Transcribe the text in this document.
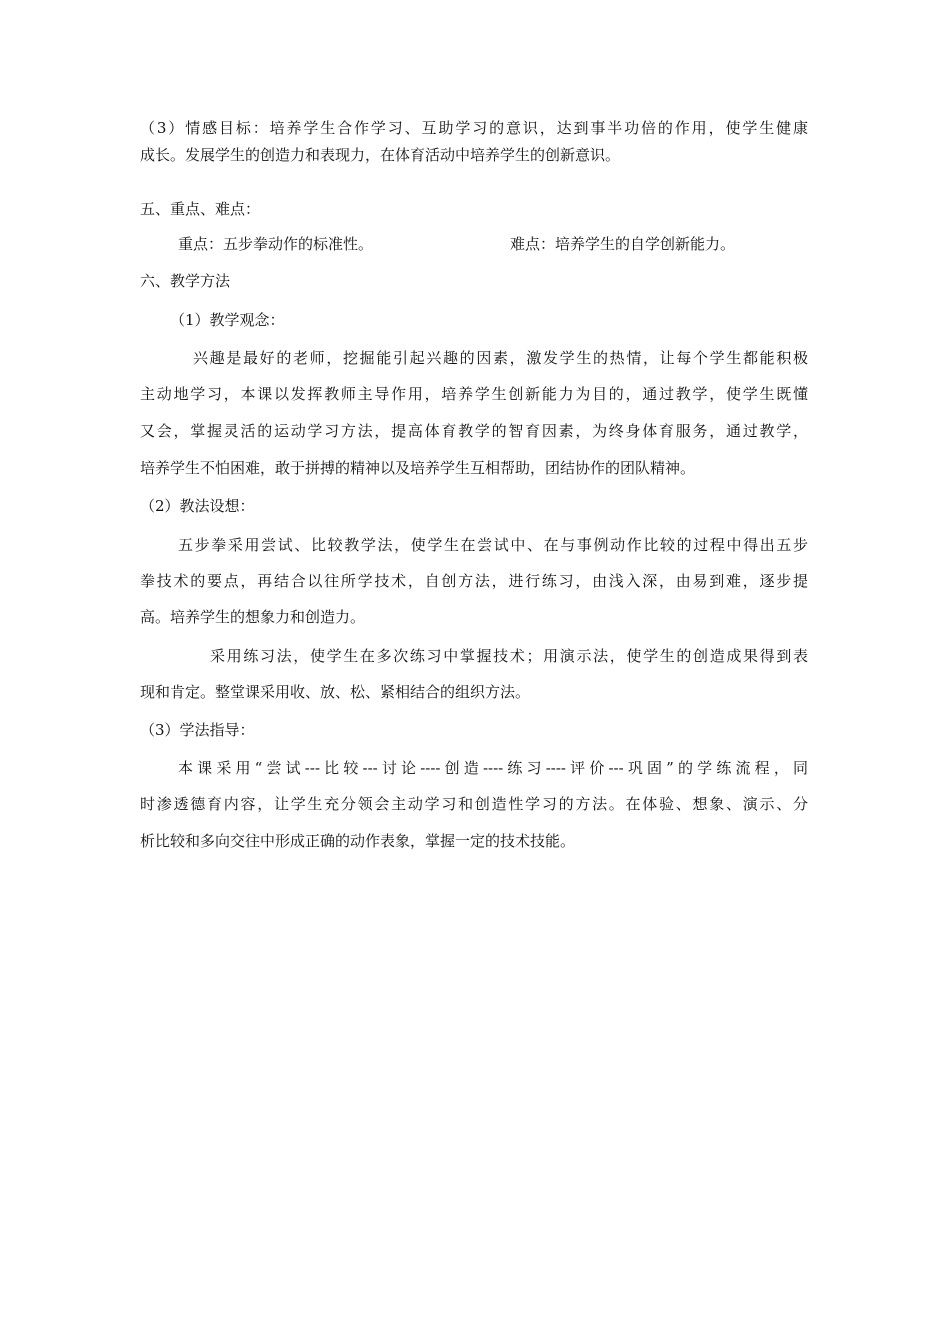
（3）情感目标：培养学生合作学习、互助学习的意识，达到事半功倍的作用，使学生健康
成长。发展学生的创造力和表现力，在体育活动中培养学生的创新意识。
五、重点、难点：
重点：五步拳动作的标准性。	难点：培养学生的自学创新能力。
六、教学方法
（1）教学观念：
兴趣是最好的老师，挖掘能引起兴趣的因素，激发学生的热情，让每个学生都能积极
主动地学习，本课以发挥教师主导作用，培养学生创新能力为目的，通过教学，使学生既懂
又会，掌握灵活的运动学习方法，提高体育教学的智育因素，为终身体育服务，通过教学，
培养学生不怕困难，敢于拼搏的精神以及培养学生互相帮助，团结协作的团队精神。
（2）教法设想：
五步拳采用尝试、比较教学法，使学生在尝试中、在与事例动作比较的过程中得出五步
拳技术的要点，再结合以往所学技术，自创方法，进行练习，由浅入深，由易到难，逐步提
高。培养学生的想象力和创造力。
采用练习法，使学生在多次练习中掌握技术；用演示法，使学生的创造成果得到表
现和肯定。整堂课采用收、放、松、紧相结合的组织方法。
（3）学法指导：
本课采用“尝试---比较---讨论----创造----练习----评价---巩固”的学练流程，同
时渗透德育内容，让学生充分领会主动学习和创造性学习的方法。在体验、想象、演示、分
析比较和多向交往中形成正确的动作表象，掌握一定的技术技能。
